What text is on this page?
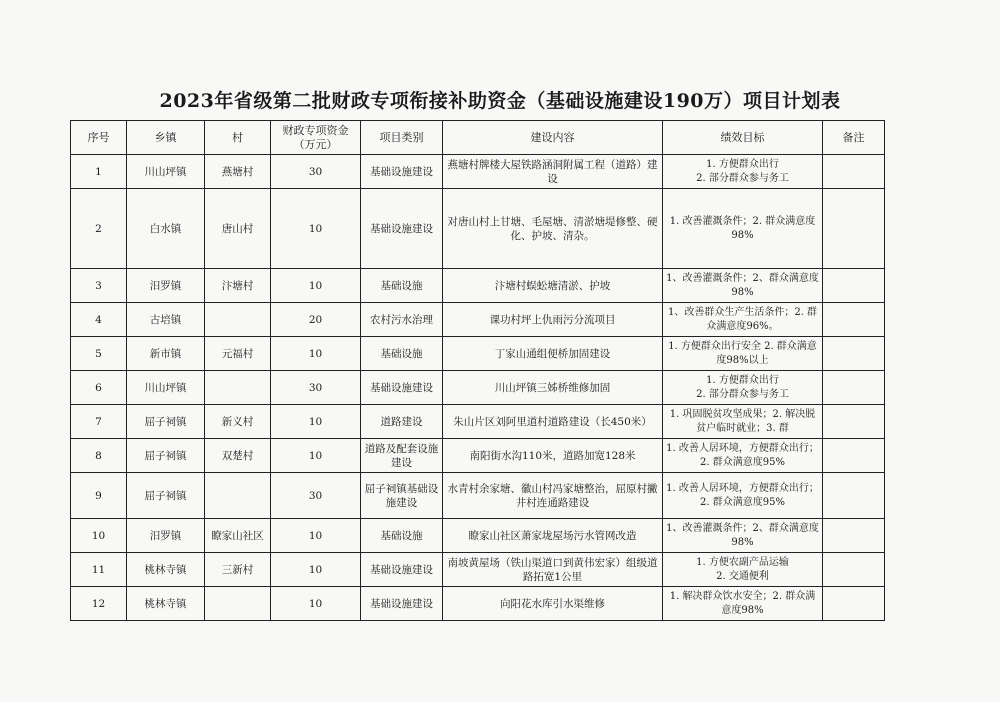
2023年省级第二批财政专项衔接补助资金（基础设施建设190万）项目计划表
序号	乡镇	村	财政专项资金（万元）	项目类别	建设内容	绩效目标	备注
1	川山坪镇	燕塘村	30	基础设施建设	燕塘村牌楼大屋铁路涵洞附属工程（道路）建设	1. 方便群众出行
2. 部分群众参与务工	
2	白水镇	唐山村	10	基础设施建设	对唐山村上甘塘、毛屋塘、清淤塘堤修整、硬化、护坡、清杂。	1. 改善灌溉条件；2. 群众满意度98%	
3	汨罗镇	汴塘村	10	基础设施	汴塘村蜈蚣塘清淤、护坡	1、改善灌溉条件；2、群众满意度98%	
4	古培镇		20	农村污水治理	课功村坪上仇雨污分流项目	1、改善群众生产生活条件；2. 群众满意度96%。	
5	新市镇	元福村	10	基础设施	丁家山通组便桥加固建设	1. 方便群众出行安全 2. 群众满意度98%以上	
6	川山坪镇		30	基础设施建设	川山坪镇三姊桥维修加固	1. 方便群众出行
2. 部分群众参与务工	
7	屈子祠镇	新义村	10	道路建设	朱山片区刘阿里道村道路建设（长450米）	1. 巩固脱贫攻坚成果；2. 解决脱贫户临时就业；3. 群	
8	屈子祠镇	双楚村	10	道路及配套设施建设	南阳街水沟110米，道路加宽128米	1. 改善人居环境，方便群众出行；2. 群众满意度95%	
9	屈子祠镇		30	屈子祠镇基础设施建设	水青村余家塘、徽山村冯家塘整治，屈原村撇井村连通路建设	1. 改善人居环境，方便群众出行；2. 群众满意度95%	
10	汨罗镇	瞭家山社区	10	基础设施	瞭家山社区萧家垅屋场污水管网改造	1、改善灌溉条件；2、群众满意度98%	
11	桃林寺镇	三新村	10	基础设施建设	南坡黄屋场（铁山渠道口到黄伟宏家）组级道路拓宽1公里	1. 方便农副产品运输
2. 交通便利	
12	桃林寺镇		10	基础设施建设	向阳花水库引水渠维修	1. 解决群众饮水安全；2. 群众满意度98%	
